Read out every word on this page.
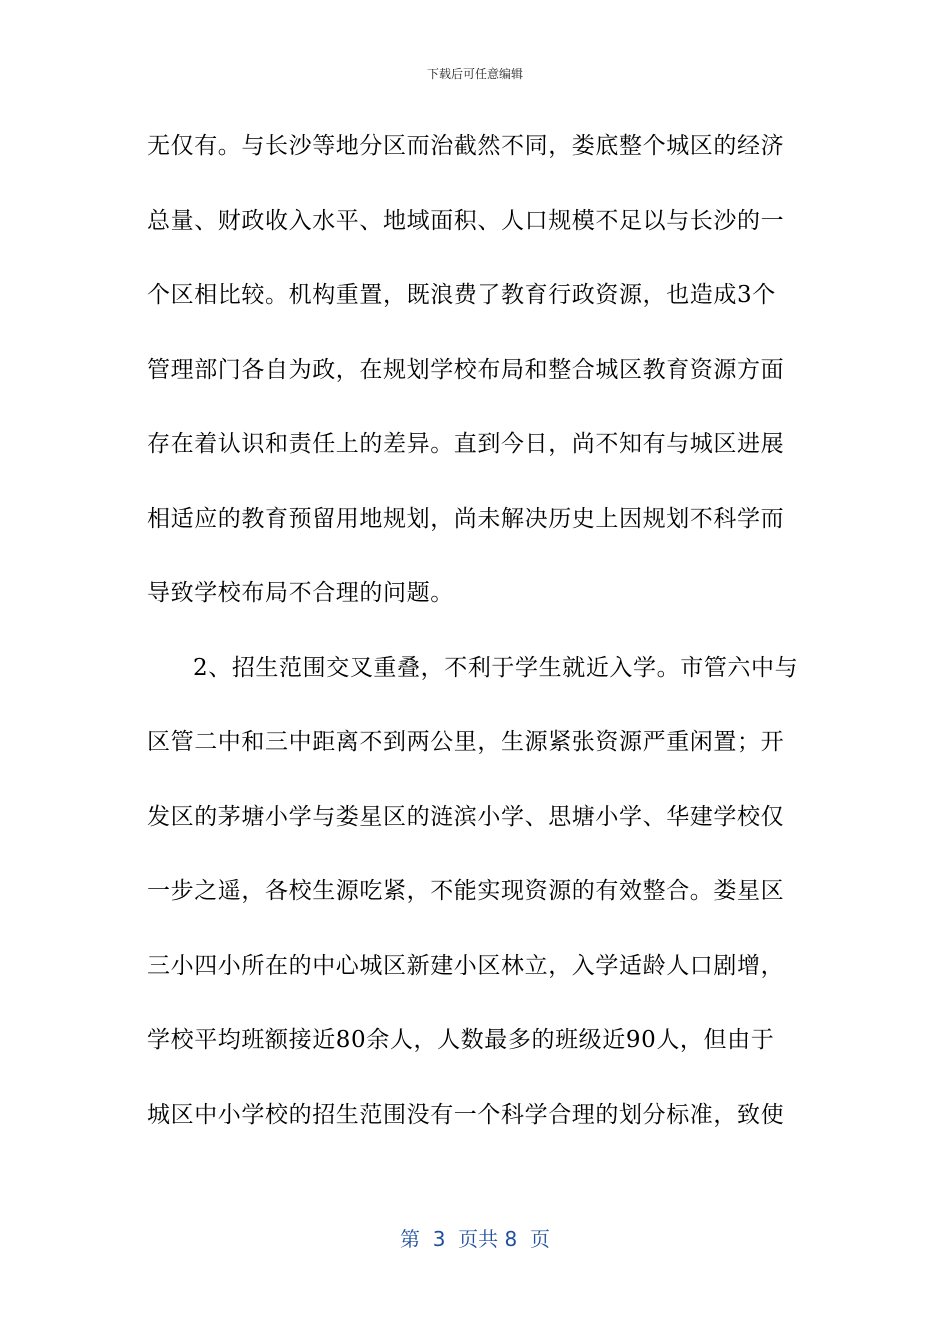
下载后可任意编辑
无仅有。与长沙等地分区而治截然不同，娄底整个城区的经济
总量、财政收入水平、地域面积、人口规模不足以与长沙的一
个区相比较。机构重置，既浪费了教育行政资源，也造成3个
管理部门各自为政，在规划学校布局和整合城区教育资源方面
存在着认识和责任上的差异。直到今日，尚不知有与城区进展
相适应的教育预留用地规划，尚未解决历史上因规划不科学而
导致学校布局不合理的问题。
2、招生范围交叉重叠，不利于学生就近入学。市管六中与
区管二中和三中距离不到两公里，生源紧张资源严重闲置；开
发区的茅塘小学与娄星区的涟滨小学、思塘小学、华建学校仅
一步之遥，各校生源吃紧，不能实现资源的有效整合。娄星区
三小四小所在的中心城区新建小区林立，入学适龄人口剧增，
学校平均班额接近80余人，人数最多的班级近90人，但由于
城区中小学校的招生范围没有一个科学合理的划分标准，致使
第  3  页共 8  页
